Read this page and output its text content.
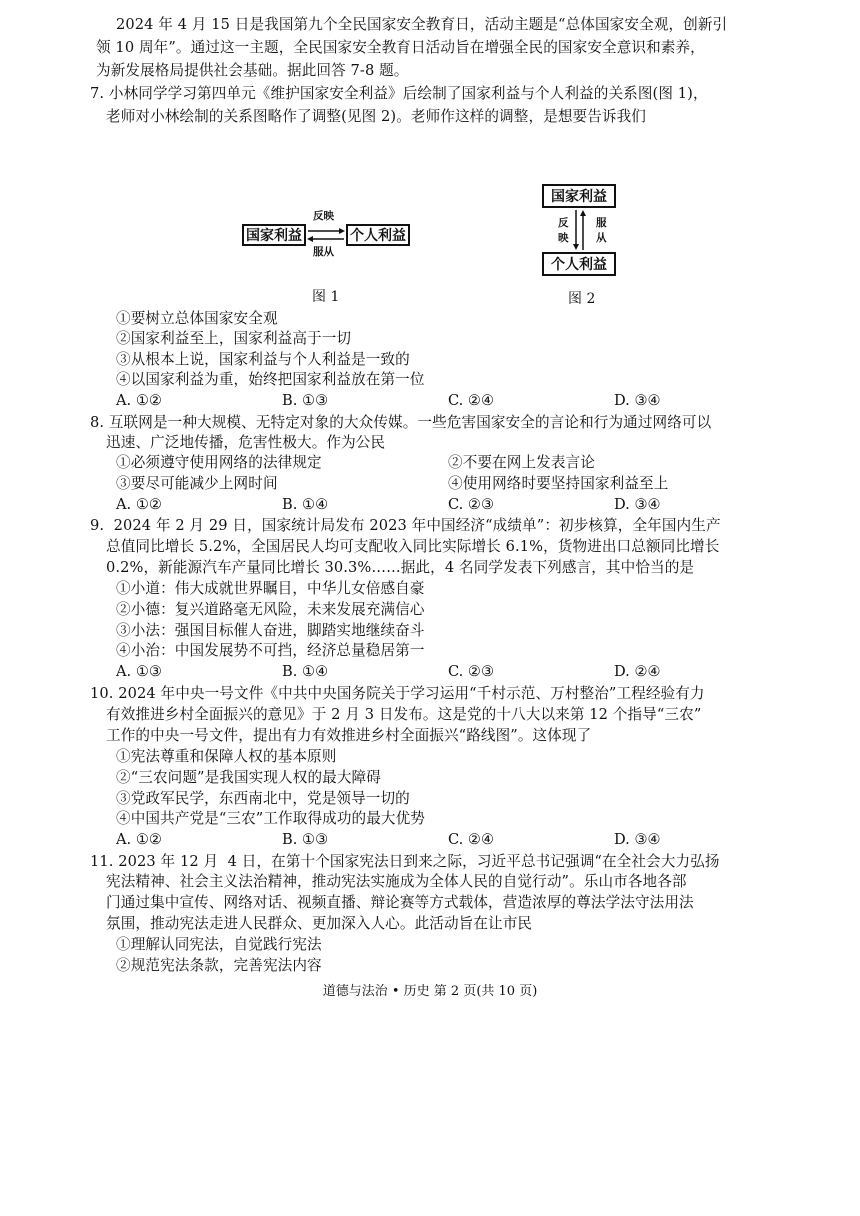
2024 年 4 月 15 日是我国第九个全民国家安全教育日，活动主题是“总体国家安全观，创新引
领 10 周年”。通过这一主题，全民国家安全教育日活动旨在增强全民的国家安全意识和素养，
为新发展格局提供社会基础。据此回答 7-8 题。
7. 小林同学学习第四单元《维护国家安全利益》后绘制了国家利益与个人利益的关系图(图 1)，
老师对小林绘制的关系图略作了调整(见图 2)。老师作这样的调整，是想要告诉我们
国家利益	个人利益
反映
服从
图 1
国家利益
个人利益
反
映
服
从
图 2
①要树立总体国家安全观
②国家利益至上，国家利益高于一切
③从根本上说，国家利益与个人利益是一致的
④以国家利益为重，始终把国家利益放在第一位
A. ①②	B. ①③	C. ②④	D. ③④
8. 互联网是一种大规模、无特定对象的大众传媒。一些危害国家安全的言论和行为通过网络可以
迅速、广泛地传播，危害性极大。作为公民
①必须遵守使用网络的法律规定	②不要在网上发表言论
③要尽可能减少上网时间	④使用网络时要坚持国家利益至上
A. ①②	B. ①④	C. ②③	D. ③④
9.  2024 年 2 月 29 日，国家统计局发布 2023 年中国经济“成绩单”：初步核算，全年国内生产
总值同比增长 5.2%，全国居民人均可支配收入同比实际增长 6.1%，货物进出口总额同比增长
0.2%，新能源汽车产量同比增长 30.3%……据此，4 名同学发表下列感言，其中恰当的是
①小道：伟大成就世界瞩目，中华儿女倍感自豪
②小德：复兴道路毫无风险，未来发展充满信心
③小法：强国目标催人奋进，脚踏实地继续奋斗
④小治：中国发展势不可挡，经济总量稳居第一
A. ①③	B. ①④	C. ②③	D. ②④
10. 2024 年中央一号文件《中共中央国务院关于学习运用“千村示范、万村整治”工程经验有力
有效推进乡村全面振兴的意见》于 2 月 3 日发布。这是党的十八大以来第 12 个指导“三农”
工作的中央一号文件，提出有力有效推进乡村全面振兴“路线图”。这体现了
①宪法尊重和保障人权的基本原则
②“三农问题”是我国实现人权的最大障碍
③党政军民学，东西南北中，党是领导一切的
④中国共产党是“三农”工作取得成功的最大优势
A. ①②	B. ①③	C. ②④	D. ③④
11. 2023 年 12 月  4 日，在第十个国家宪法日到来之际，习近平总书记强调“在全社会大力弘扬
宪法精神、社会主义法治精神，推动宪法实施成为全体人民的自觉行动”。乐山市各地各部
门通过集中宣传、网络对话、视频直播、辩论赛等方式载体，营造浓厚的尊法学法守法用法
氛围，推动宪法走进人民群众、更加深入人心。此活动旨在让市民
①理解认同宪法，自觉践行宪法
②规范宪法条款，完善宪法内容
道德与法治 • 历史 第 2 页(共 10 页)
